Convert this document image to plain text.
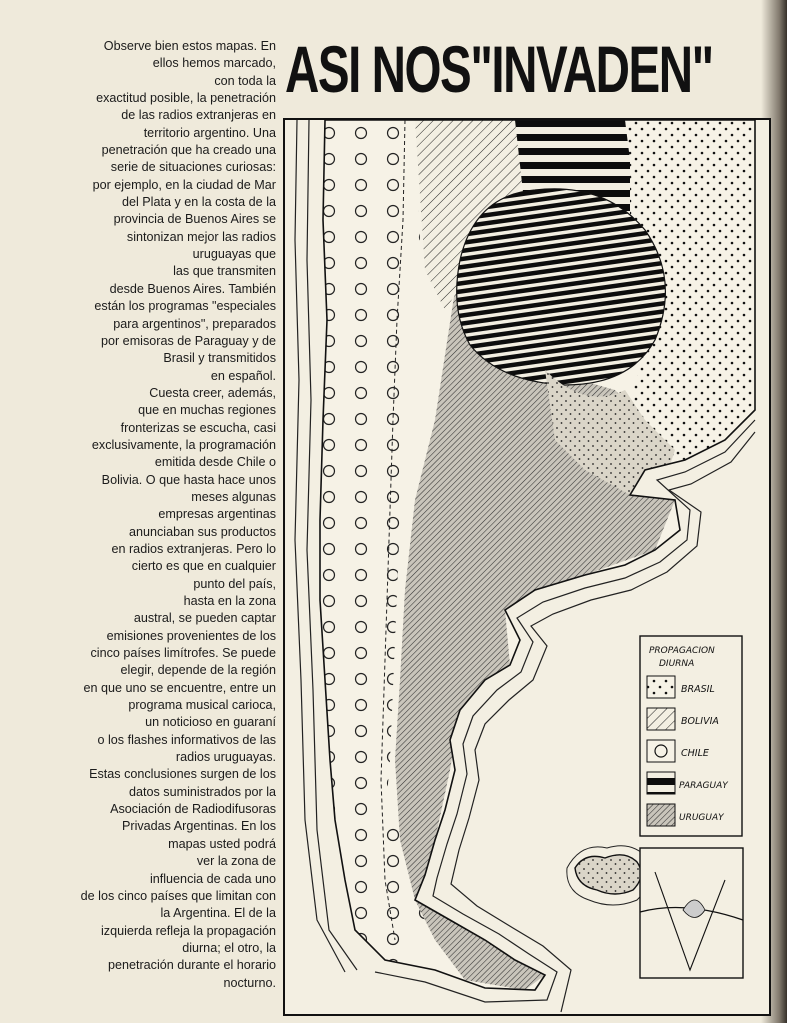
Observe bien estos mapas. En
ellos hemos marcado,
con toda la
exactitud posible, la penetración
de las radios extranjeras en
territorio argentino. Una
penetración que ha creado una
serie de situaciones curiosas:
por ejemplo, en la ciudad de Mar
del Plata y en la costa de la
provincia de Buenos Aires se
sintonizan mejor las radios
uruguayas que
las que transmiten
desde Buenos Aires. También
están los programas "especiales
para argentinos", preparados
por emisoras de Paraguay y de
Brasil y transmitidos
en español.
Cuesta creer, además,
que en muchas regiones
fronterizas se escucha, casi
exclusivamente, la programación
emitida desde Chile o
Bolivia. O que hasta hace unos
meses algunas
empresas argentinas
anunciaban sus productos
en radios extranjeras. Pero lo
cierto es que en cualquier
punto del país,
hasta en la zona
austral, se pueden captar
emisiones provenientes de los
cinco países limítrofes. Se puede
elegir, depende de la región
en que uno se encuentre, entre un
programa musical carioca,
un noticioso en guaraní
o los flashes informativos de las
radios uruguayas.
Estas conclusiones surgen de los
datos suministrados por la
Asociación de Radiodifusoras
Privadas Argentinas. En los
mapas usted podrá
ver la zona de
influencia de cada uno
de los cinco países que limitan con
la Argentina. El de la
izquierda refleja la propagación
diurna; el otro, la
penetración durante el horario
nocturno.
ASI NOS"INVADEN"
PROPAGACION
DIURNA
BRASIL
BOLIVIA
CHILE
PARAGUAY
URUGUAY
